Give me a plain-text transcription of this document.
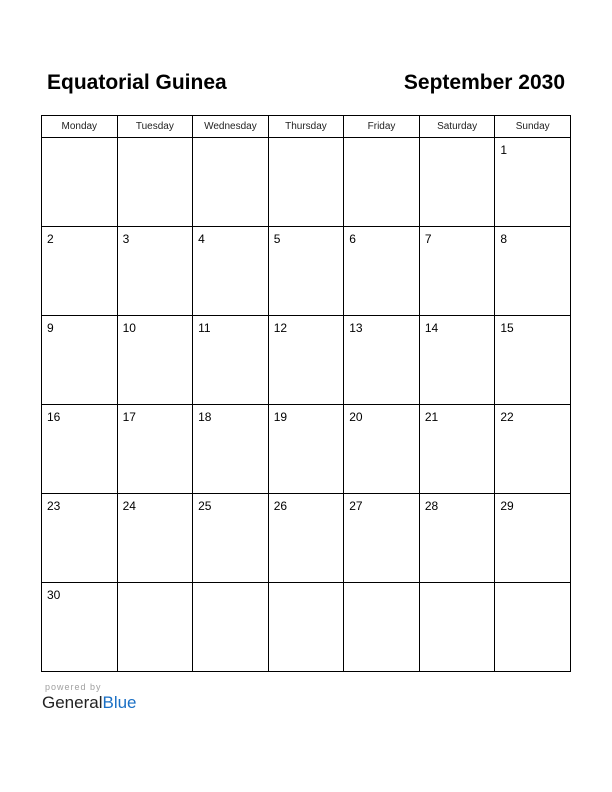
Equatorial Guinea	September 2030
Monday	Tuesday	Wednesday	Thursday	Friday	Saturday	Sunday

						1

2	3	4	5	6	7	8

9	10	11	12	13	14	15

16	17	18	19	20	21	22

23	24	25	26	27	28	29

30						

powered by
GeneralBlue
